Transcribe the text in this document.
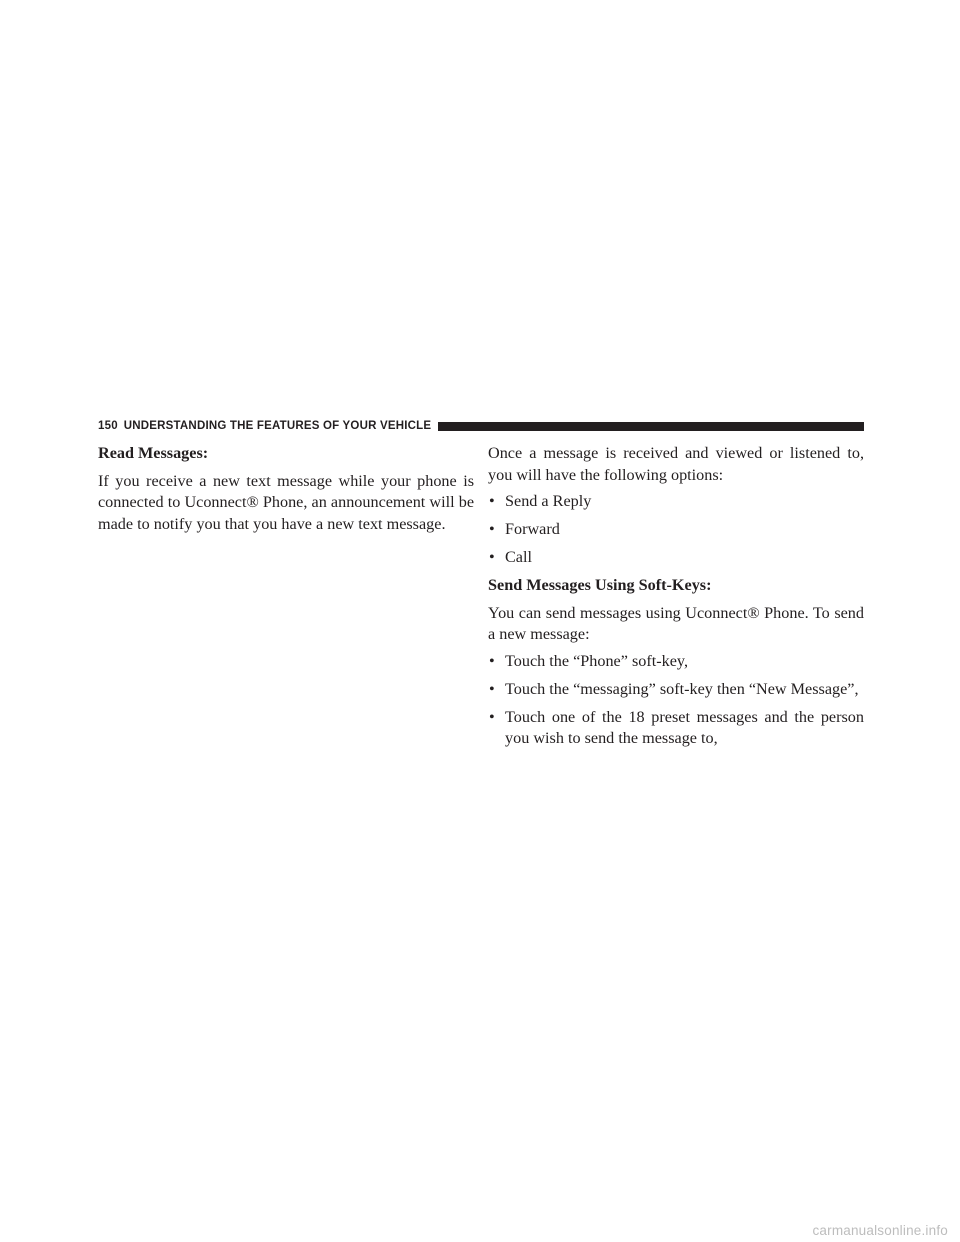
150 UNDERSTANDING THE FEATURES OF YOUR VEHICLE
Read Messages:

If you receive a new text message while your phone is connected to Uconnect® Phone, an announcement will be made to notify you that you have a new text message.

Once a message is received and viewed or listened to, you will have the following options:

• Send a Reply
• Forward
• Call
Send Messages Using Soft-Keys:

You can send messages using Uconnect® Phone. To send a new message:

• Touch the “Phone” soft-key,
• Touch the “messaging” soft-key then “New Message”,
• Touch one of the 18 preset messages and the person you wish to send the message to,
carmanualsonline.info
